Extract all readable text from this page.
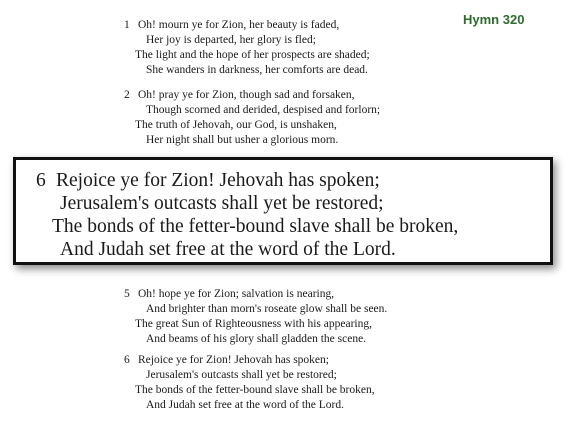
Hymn 320
1 Oh! mourn ye for Zion, her beauty is faded,
Her joy is departed, her glory is fled;
The light and the hope of her prospects are shaded;
She wanders in darkness, her comforts are dead.
2 Oh! pray ye for Zion, though sad and forsaken,
Though scorned and derided, despised and forlorn;
The truth of Jehovah, our God, is unshaken,
Her night shall but usher a glorious morn.
5 Oh! hope ye for Zion; salvation is nearing,
And brighter than morn's roseate glow shall be seen.
The great Sun of Righteousness with his appearing,
And beams of his glory shall gladden the scene.
6 Rejoice ye for Zion! Jehovah has spoken;
Jerusalem's outcasts shall yet be restored;
The bonds of the fetter-bound slave shall be broken,
And Judah set free at the word of the Lord.
6 Rejoice ye for Zion! Jehovah has spoken;
Jerusalem's outcasts shall yet be restored;
The bonds of the fetter-bound slave shall be broken,
And Judah set free at the word of the Lord.
